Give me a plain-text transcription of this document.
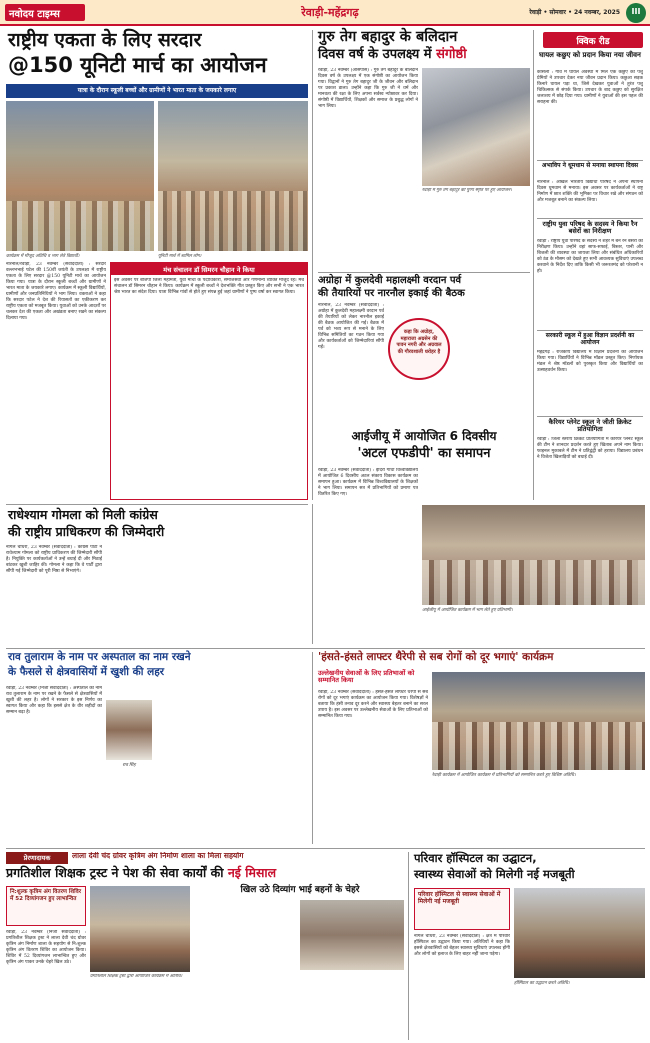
नवोदय टाइम्स	रेवाड़ी-महेंद्रगढ़	रेवाड़ी • सोमवार • 24 नवम्बर, 2025	III
राष्ट्रीय एकता के लिए सरदार
@150 यूनिटी मार्च का आयोजन
यात्रा के दौरान स्कूली बच्चों और ग्रामीणों ने भारत माता के जयकारे लगाए
कार्यक्रम में मौजूद अतिथि व भाग लेते विद्यार्थी।	यूनिटी मार्च में शामिल लोग।
नारनौल/रेवाड़ी, 23 नवम्बर (संवाददाता) : सरदार वल्लभभाई पटेल की 150वीं जयंती के उपलक्ष्य में राष्ट्रीय एकता के लिए सरदार @150 यूनिटी मार्च का आयोजन किया गया। यात्रा के दौरान स्कूली बच्चों और ग्रामीणों ने भारत माता के जयकारे लगाए। कार्यक्रम में स्कूली विद्यार्थियों, ग्रामीणों और जनप्रतिनिधियों ने भाग लिया। वक्ताओं ने कहा कि सरदार पटेल ने देश की रियासतों का एकीकरण कर राष्ट्रीय एकता को मजबूत किया। युवाओं को उनके आदर्शों पर चलकर देश की एकता और अखंडता बनाए रखने का संकल्प दिलाया गया।
मंच संचालन डॉ सिमरन चौहान ने किया
इस अवसर पर बीजेपी जिला महामंत्री, युवा मोर्चा के पदाधिकारी, समाजसेवी और गणमान्य व्यक्ति मौजूद रहे। मंच संचालन डॉ सिमरन चौहान ने किया। कार्यक्रम में स्कूली बच्चों ने देशभक्ति गीत प्रस्तुत किए और सभी ने एक भारत श्रेष्ठ भारत का संदेश दिया। यात्रा विभिन्न गांवों से होते हुए संपन्न हुई जहां ग्रामीणों ने पुष्प वर्षा कर स्वागत किया।
गुरु तेग बहादुर के बलिदान
दिवस वर्ष के उपलक्ष्य में संगोष्ठी
रेवाड़ी, 23 नवम्बर (आसपास) : गुरु तेग बहादुर के बलिदान दिवस वर्ष के उपलक्ष्य में एक संगोष्ठी का आयोजन किया गया। विद्वानों ने गुरु तेग बहादुर जी के जीवन और बलिदान पर प्रकाश डाला। उन्होंने कहा कि गुरु जी ने धर्म और मानवता की रक्षा के लिए अपना सर्वस्व न्योछावर कर दिया। संगोष्ठी में विद्यार्थियों, शिक्षकों और समाज के प्रबुद्ध लोगों ने भाग लिया।
रेवाड़ी में गुरु तेग बहादुर की पुण्य स्मृति पर हुए आयोजन।
क्विक रीड
घायल कछुए को प्रदान किया नया जीवन
कोसली : गांव में घायल अवस्था में मिले एक कछुए को पशु प्रेमियों ने उपचार देकर नया जीवन प्रदान किया। कछुआ सड़क किनारे घायल पड़ा था, जिसे देखकर युवाओं ने तुरंत पशु चिकित्सक से संपर्क किया। उपचार के बाद कछुए को सुरक्षित जलाशय में छोड़ दिया गया। ग्रामीणों ने युवाओं की इस पहल की सराहना की।
अभाविप ने धूमधाम से मनाया स्थापना दिवस
नारनौल : अखिल भारतीय विद्यार्थी परिषद ने अपना स्थापना दिवस धूमधाम से मनाया। इस अवसर पर कार्यकर्ताओं ने राष्ट्र निर्माण में छात्र शक्ति की भूमिका पर विचार रखे और संगठन को और मजबूत बनाने का संकल्प लिया।
राष्ट्रीय युवा परिषद के सदस्य ने किया रैन बसेरों का निरीक्षण
रेवाड़ी : राष्ट्रीय युवा परिषद के सदस्य ने शहर में बने रैन बसेरों का निरीक्षण किया। उन्होंने वहां साफ-सफाई, बिस्तर, पानी और बिजली की व्यवस्था का जायजा लिया और संबंधित अधिकारियों को ठंड के मौसम को देखते हुए सभी आवश्यक सुविधाएं उपलब्ध करवाने के निर्देश दिए ताकि किसी भी जरूरतमंद को परेशानी न हो।
सरकारी स्कूल में हुआ विज्ञान प्रदर्शनी का आयोजन
महेंद्रगढ़ : राजकीय विद्यालय में विज्ञान प्रदर्शनी का आयोजन किया गया। विद्यार्थियों ने विभिन्न मॉडल प्रस्तुत किए। निर्णायक मंडल ने श्रेष्ठ मॉडलों को पुरस्कृत किया और विद्यार्थियों का उत्साहवर्धन किया।
कैरियर प्लेनेट स्कूल ने जीती क्रिकेट प्रतियोगिता
रेवाड़ी : जिला स्तरीय क्रिकेट प्रतियोगिता में कैरियर प्लेनेट स्कूल की टीम ने शानदार प्रदर्शन करते हुए खिताब अपने नाम किया। फाइनल मुकाबले में टीम ने प्रतिद्वंद्वी को हराया। विद्यालय प्रबंधन ने विजेता खिलाड़ियों को बधाई दी।
अग्रोहा में कुलदेवी महालक्ष्मी वरदान पर्व
की तैयारियों पर नारनौल इकाई की बैठक
नारनौल, 23 नवम्बर (संवाददाता) : अग्रोहा में कुलदेवी महालक्ष्मी वरदान पर्व की तैयारियों को लेकर नारनौल इकाई की बैठक आयोजित की गई। बैठक में पर्व को भव्य रूप से मनाने के लिए विभिन्न समितियों का गठन किया गया और कार्यकर्ताओं को जिम्मेदारियां सौंपी गईं।
कहा कि अग्रोहा, महाराजा अग्रसेन की पावन नगरी और अग्रवाल की गौरवशाली धरोहर है
राधेश्याम गोमला को मिली कांग्रेस
की राष्ट्रीय प्राधिकरण की जिम्मेदारी
नांगल चौधरी, 23 नवम्बर (संवाददाता) : कांग्रेस पार्टी ने राधेश्याम गोमला को राष्ट्रीय प्राधिकरण की जिम्मेदारी सौंपी है। नियुक्ति पर कार्यकर्ताओं ने उन्हें बधाई दी और मिठाई बांटकर खुशी जाहिर की। गोमला ने कहा कि वे पार्टी द्वारा सौंपी गई जिम्मेदारी को पूरी निष्ठा से निभाएंगे।
आईजीयू में आयोजित 6 दिवसीय
'अटल एफडीपी' का समापन
रेवाड़ी, 23 नवम्बर (संवाददाता) : इंदिरा गांधी विश्वविद्यालय में आयोजित 6 दिवसीय अटल संकाय विकास कार्यक्रम का समापन हुआ। कार्यक्रम में विभिन्न विश्वविद्यालयों के शिक्षकों ने भाग लिया। समापन सत्र में प्रतिभागियों को प्रमाण पत्र वितरित किए गए।
आईजीयू में आयोजित कार्यक्रम में भाग लेते हुए प्रतिभागी।
राव तुलाराम के नाम पर अस्पताल का नाम रखने
के फैसले से क्षेत्रवासियों में खुशी की लहर
रेवाड़ी, 23 नवम्बर (निजी संवाददाता) : अस्पताल का नाम राव तुलाराम के नाम पर रखने के फैसले से क्षेत्रवासियों में खुशी की लहर है। लोगों ने सरकार के इस निर्णय का स्वागत किया और कहा कि इससे क्षेत्र के वीर शहीदों का सम्मान बढ़ा है।
राव सिंह
'हंसते-हंसते लाफ्टर थैरेपी से सब रोगों को दूर भगाएं' कार्यक्रम
उल्लेखनीय सेवाओं के लिए प्रतिभाओं को सम्मानित किया
रेवाड़ी, 23 नवम्बर (संवाददाता) : हंसते-हंसते लाफ्टर थैरेपी से सब रोगों को दूर भगाएं कार्यक्रम का आयोजन किया गया। विशेषज्ञों ने बताया कि हंसी तनाव दूर करने और स्वास्थ्य बेहतर बनाने का सरल उपाय है। इस अवसर पर उल्लेखनीय सेवाओं के लिए प्रतिभाओं को सम्मानित किया गया।
रेवाड़ी कार्यक्रम में आयोजित कार्यक्रम में प्रतिभागियों को सम्मानित करते हुए विशिष्ट अतिथि।
प्रेरणादायक	लाला देवी चंद ग्रोवर कृत्रिम अंग निर्माण शाला का मिला सहयोग
प्रगतिशील शिक्षक ट्रस्ट ने पेश की सेवा कार्यों की नई मिसाल
नि:शुल्क कृत्रिम अंग वितरण शिविर में 52 दिव्यांगजन हुए लाभान्वित
रेवाड़ी, 23 नवम्बर (निजी संवाददाता) : प्रगतिशील शिक्षक ट्रस्ट ने लाला देवी चंद ग्रोवर कृत्रिम अंग निर्माण शाला के सहयोग से नि:शुल्क कृत्रिम अंग वितरण शिविर का आयोजन किया। शिविर में 52 दिव्यांगजन लाभान्वित हुए और कृत्रिम अंग पाकर उनके चेहरे खिल उठे।
प्रगतिशील शिक्षक ट्रस्ट द्वारा आयोजित कार्यक्रम में अतिथि।
खिल उठे दिव्यांग भाई बहनों के चेहरे
परिवार हॉस्पिटल का उद्घाटन,
स्वास्थ्य सेवाओं को मिलेगी नई मजबूती
परिवार हॉस्पिटल से स्वास्थ्य सेवाओं में मिलेगी नई मजबूती
नांगल चौधरी, 23 नवम्बर (संवाददाता) : क्षेत्र में परिवार हॉस्पिटल का उद्घाटन किया गया। अतिथियों ने कहा कि इससे क्षेत्रवासियों को बेहतर स्वास्थ्य सुविधाएं उपलब्ध होंगी और लोगों को इलाज के लिए बाहर नहीं जाना पड़ेगा।
हॉस्पिटल का उद्घाटन करते अतिथि।
